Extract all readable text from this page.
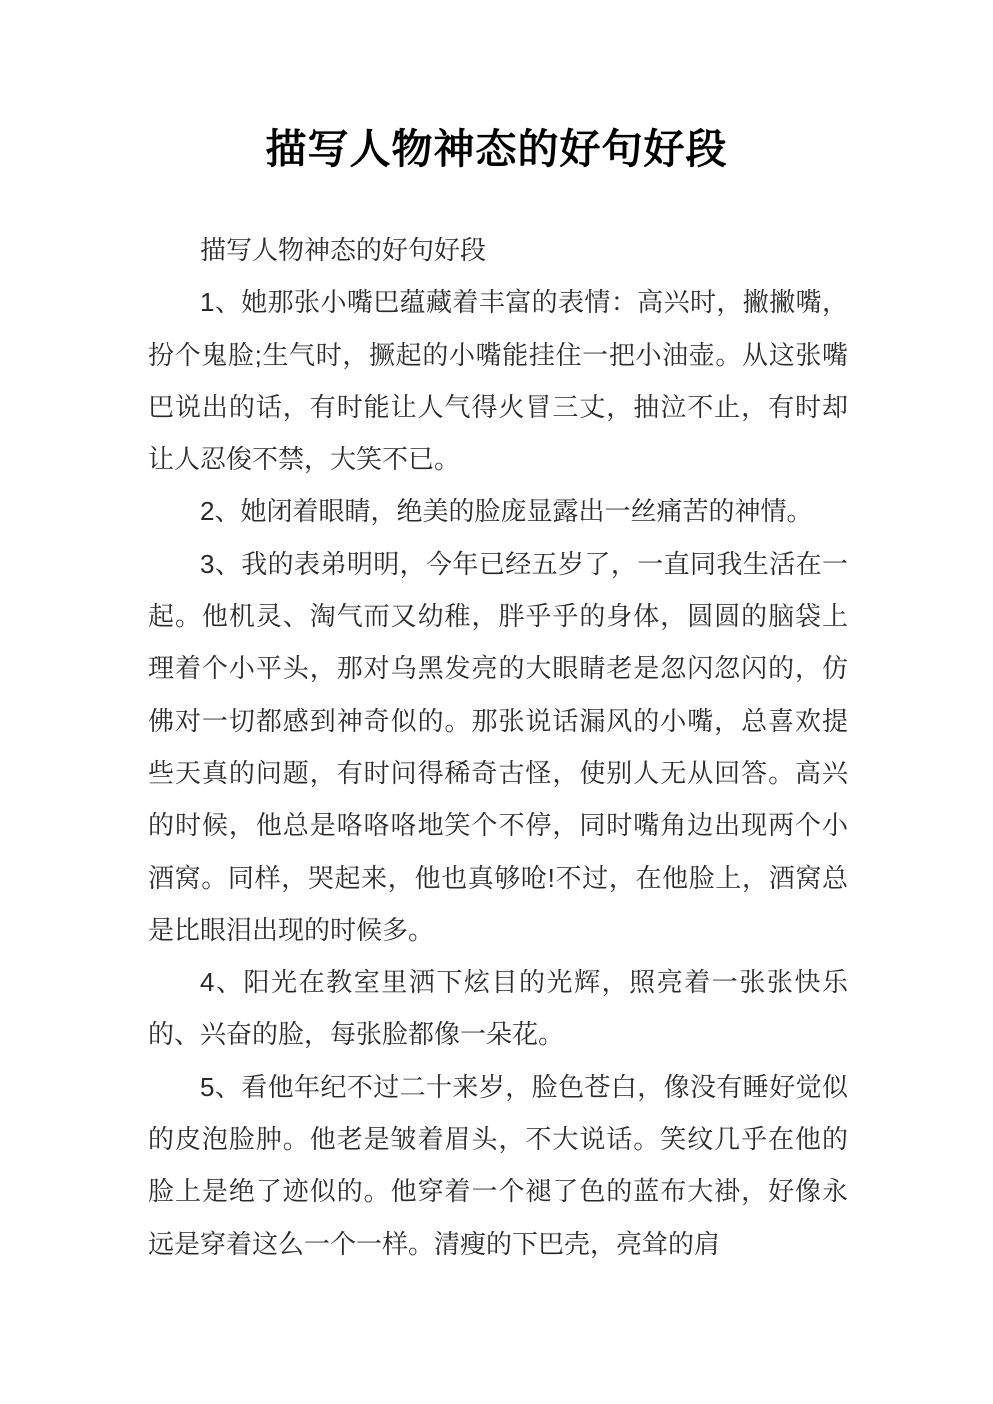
描写人物神态的好句好段

描写人物神态的好句好段

1、她那张小嘴巴蕴藏着丰富的表情：高兴时，撇撇嘴，扮个鬼脸;生气时，撅起的小嘴能挂住一把小油壶。从这张嘴巴说出的话，有时能让人气得火冒三丈，抽泣不止，有时却让人忍俊不禁，大笑不已。

2、她闭着眼睛，绝美的脸庞显露出一丝痛苦的神情。

3、我的表弟明明，今年已经五岁了，一直同我生活在一起。他机灵、淘气而又幼稚，胖乎乎的身体，圆圆的脑袋上理着个小平头，那对乌黑发亮的大眼睛老是忽闪忽闪的，仿佛对一切都感到神奇似的。那张说话漏风的小嘴，总喜欢提些天真的问题，有时问得稀奇古怪，使别人无从回答。高兴的时候，他总是咯咯咯地笑个不停，同时嘴角边出现两个小酒窝。同样，哭起来，他也真够呛!不过，在他脸上，酒窝总是比眼泪出现的时候多。

4、阳光在教室里洒下炫目的光辉，照亮着一张张快乐的、兴奋的脸，每张脸都像一朵花。

5、看他年纪不过二十来岁，脸色苍白，像没有睡好觉似的皮泡脸肿。他老是皱着眉头，不大说话。笑纹几乎在他的脸上是绝了迹似的。他穿着一个褪了色的蓝布大褂，好像永远是穿着这么一个一样。清瘦的下巴壳，亮耸的肩
